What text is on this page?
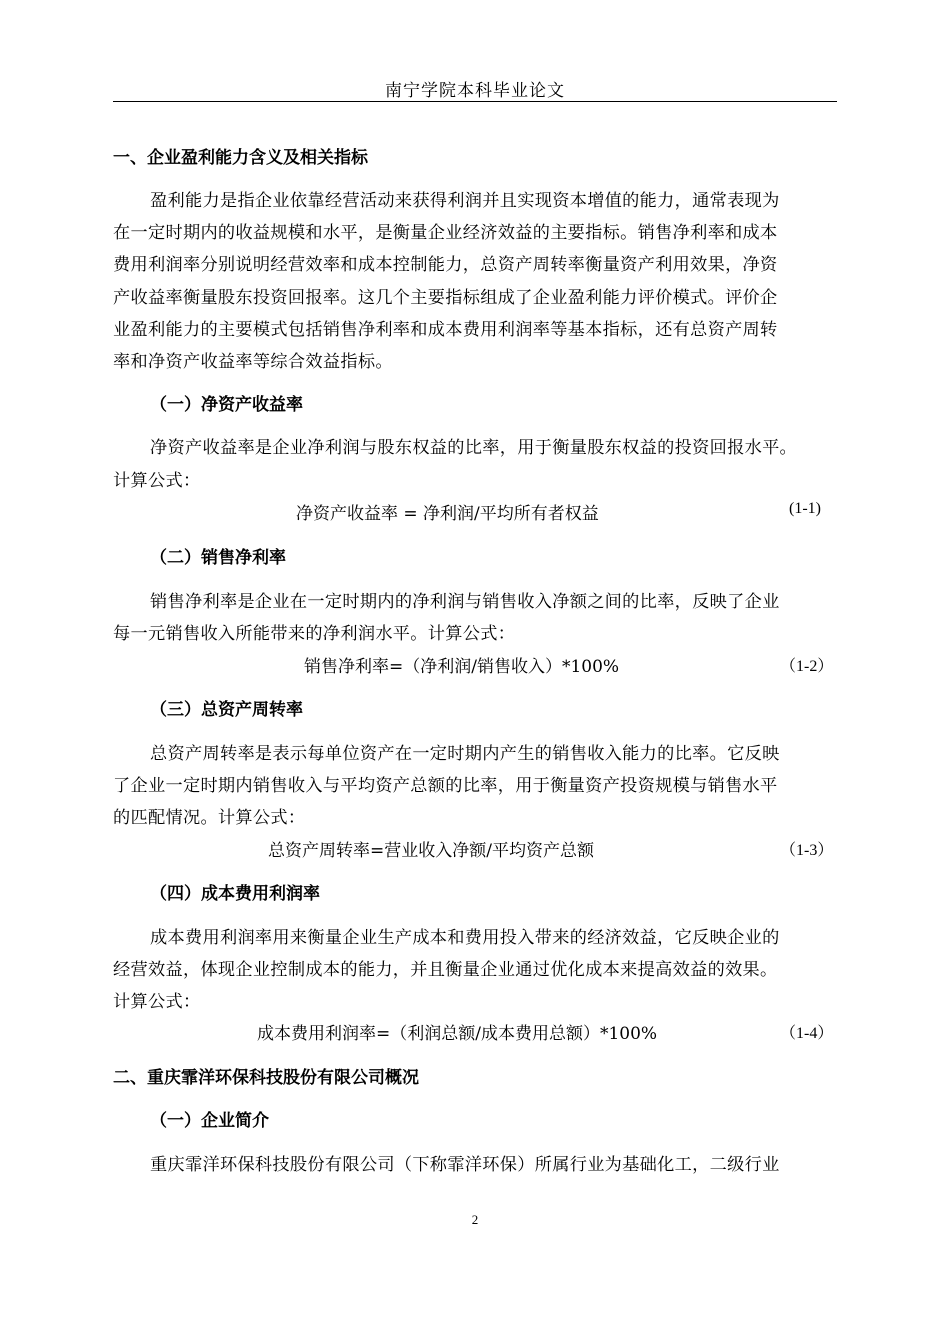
南宁学院本科毕业论文
一、企业盈利能力含义及相关指标
盈利能力是指企业依靠经营活动来获得利润并且实现资本增值的能力，通常表现为
在一定时期内的收益规模和水平，是衡量企业经济效益的主要指标。销售净利率和成本
费用利润率分别说明经营效率和成本控制能力，总资产周转率衡量资产利用效果，净资
产收益率衡量股东投资回报率。这几个主要指标组成了企业盈利能力评价模式。评价企
业盈利能力的主要模式包括销售净利率和成本费用利润率等基本指标，还有总资产周转
率和净资产收益率等综合效益指标。
（一）净资产收益率
净资产收益率是企业净利润与股东权益的比率，用于衡量股东权益的投资回报水平。
计算公式：
净资产收益率 = 净利润/平均所有者权益	(1-1)
（二）销售净利率
销售净利率是企业在一定时期内的净利润与销售收入净额之间的比率，反映了企业
每一元销售收入所能带来的净利润水平。计算公式：
销售净利率=（净利润/销售收入）*100%	（1-2）
（三）总资产周转率
总资产周转率是表示每单位资产在一定时期内产生的销售收入能力的比率。它反映
了企业一定时期内销售收入与平均资产总额的比率，用于衡量资产投资规模与销售水平
的匹配情况。计算公式：
总资产周转率=营业收入净额/平均资产总额	（1-3）
（四）成本费用利润率
成本费用利润率用来衡量企业生产成本和费用投入带来的经济效益，它反映企业的
经营效益，体现企业控制成本的能力，并且衡量企业通过优化成本来提高效益的效果。
计算公式：
成本费用利润率=（利润总额/成本费用总额）*100%	（1-4）
二、重庆霏洋环保科技股份有限公司概况
（一）企业简介
重庆霏洋环保科技股份有限公司（下称霏洋环保）所属行业为基础化工，二级行业
2
